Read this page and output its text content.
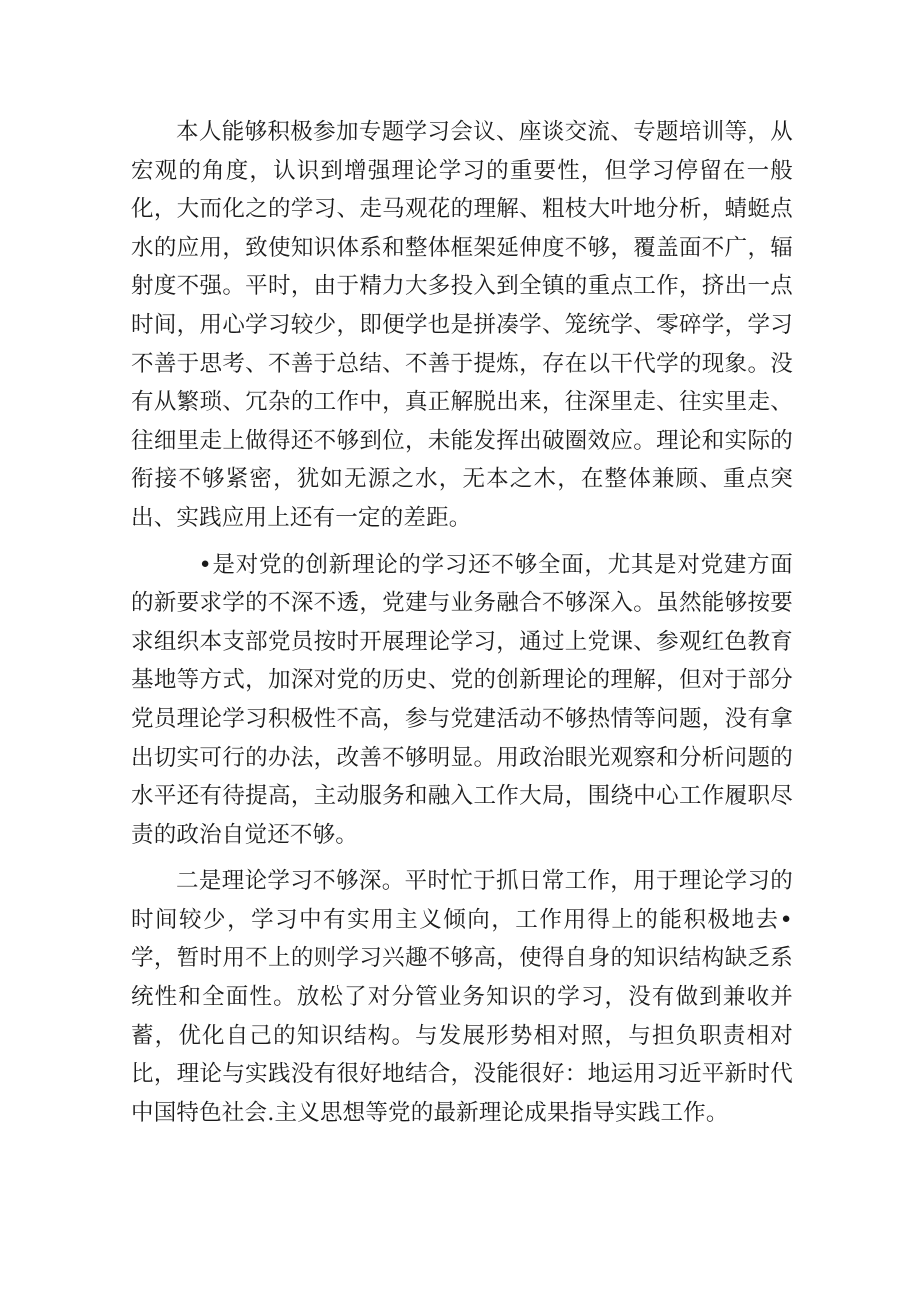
本人能够积极参加专题学习会议、座谈交流、专题培训等，从宏观的角度，认识到增强理论学习的重要性，但学习停留在一般化，大而化之的学习、走马观花的理解、粗枝大叶地分析，蜻蜓点水的应用，致使知识体系和整体框架延伸度不够，覆盖面不广，辐射度不强。平时，由于精力大多投入到全镇的重点工作，挤出一点时间，用心学习较少，即便学也是拼凑学、笼统学、零碎学，学习不善于思考、不善于总结、不善于提炼，存在以干代学的现象。没有从繁琐、冗杂的工作中，真正解脱出来，往深里走、往实里走、往细里走上做得还不够到位，未能发挥出破圈效应。理论和实际的衔接不够紧密，犹如无源之水，无本之木，在整体兼顾、重点突出、实践应用上还有一定的差距。

•是对党的创新理论的学习还不够全面，尤其是对党建方面的新要求学的不深不透，党建与业务融合不够深入。虽然能够按要求组织本支部党员按时开展理论学习，通过上党课、参观红色教育基地等方式，加深对党的历史、党的创新理论的理解，但对于部分党员理论学习积极性不高，参与党建活动不够热情等问题，没有拿出切实可行的办法，改善不够明显。用政治眼光观察和分析问题的水平还有待提高，主动服务和融入工作大局，围绕中心工作履职尽责的政治自觉还不够。

二是理论学习不够深。平时忙于抓日常工作，用于理论学习的时间较少，学习中有实用主义倾向，工作用得上的能积极地去•学，暂时用不上的则学习兴趣不够高，使得自身的知识结构缺乏系统性和全面性。放松了对分管业务知识的学习，没有做到兼收并蓄，优化自己的知识结构。与发展形势相对照，与担负职责相对比，理论与实践没有很好地结合，没能很好：地运用习近平新时代中国特色社会.主义思想等党的最新理论成果指导实践工作。
